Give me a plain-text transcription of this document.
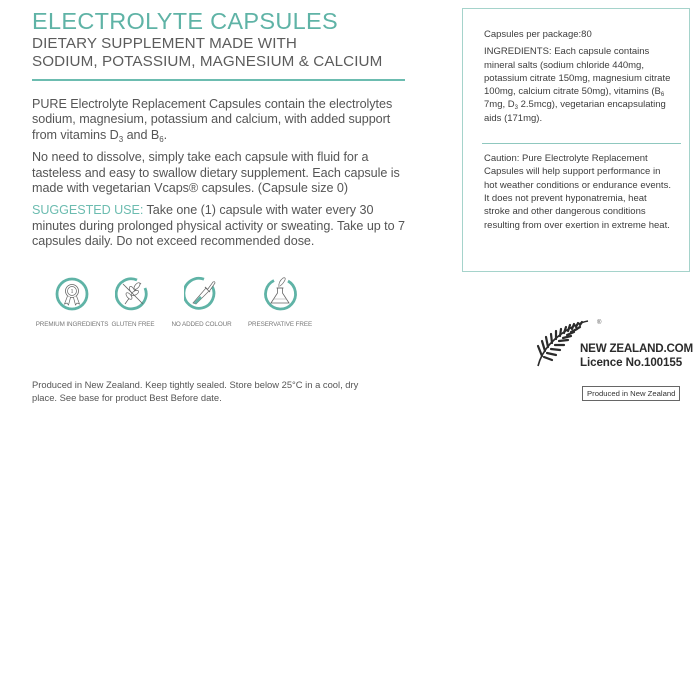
ELECTROLYTE CAPSULES
DIETARY SUPPLEMENT MADE WITH
SODIUM, POTASSIUM, MAGNESIUM & CALCIUM
PURE Electrolyte Replacement Capsules contain the electrolytes sodium, magnesium, potassium and calcium, with added support from vitamins $D_3$ and $B_6$.
No need to dissolve, simply take each capsule with fluid for a tasteless and easy to swallow dietary supplement. Each capsule is made with vegetarian Vcaps® capsules. (Capsule size 0)
SUGGESTED USE: Take one (1) capsule with water every 30 minutes during prolonged physical activity or sweating. Take up to 7 capsules daily. Do not exceed recommended dose.
1
PREMIUM INGREDIENTS GLUTEN FREE	NO ADDED COLOUR	PRESERVATIVE FREE
Produced in New Zealand. Keep tightly sealed. Store below 25°C in a cool, dry place. See base for product Best Before date.
Capsules per package:80
INGREDIENTS: Each capsule contains mineral salts (sodium chloride 440mg, potassium citrate 150mg, magnesium citrate 100mg, calcium citrate 50mg), vitamins ($B_6$ 7mg, $D_3$ 2.5mcg), vegetarian encapsulating aids (171mg).
Caution: Pure Electrolyte Replacement Capsules will help support performance in hot weather conditions or endurance events. It does not prevent hyponatremia, heat stroke and other dangerous conditions resulting from over exertion in extreme heat.
®
NEW ZEALAND.COM
Licence No.100155
Produced in New Zealand
